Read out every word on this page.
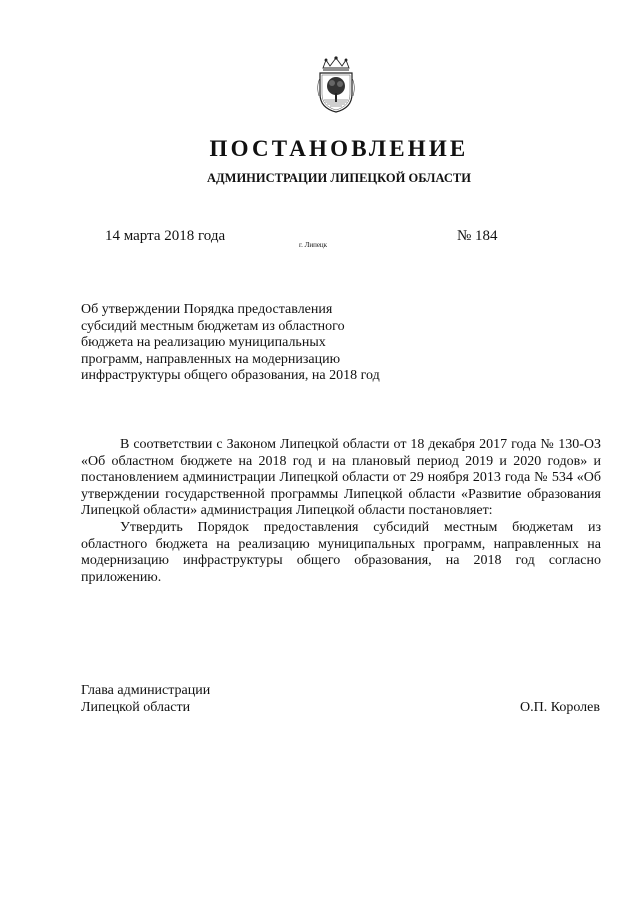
ПОСТАНОВЛЕНИЕ
АДМИНИСТРАЦИИ ЛИПЕЦКОЙ ОБЛАСТИ
14 марта 2018 года
г. Липецк
№ 184
Об утверждении Порядка предоставления
субсидий местным бюджетам из областного
бюджета на реализацию муниципальных
программ, направленных на модернизацию
инфраструктуры общего образования, на 2018 год

В соответствии с Законом Липецкой области от 18 декабря 2017 года № 130-ОЗ «Об областном бюджете на 2018 год и на плановый период 2019 и 2020 годов» и постановлением администрации Липецкой области от 29 ноября 2013 года № 534 «Об утверждении государственной программы Липецкой области «Развитие образования Липецкой области» администрация Липецкой области постановляет:

Утвердить Порядок предоставления субсидий местным бюджетам из областного бюджета на реализацию муниципальных программ, направленных на модернизацию инфраструктуры общего образования, на 2018 год согласно приложению.

Глава администрации
Липецкой области	О.П. Королев
